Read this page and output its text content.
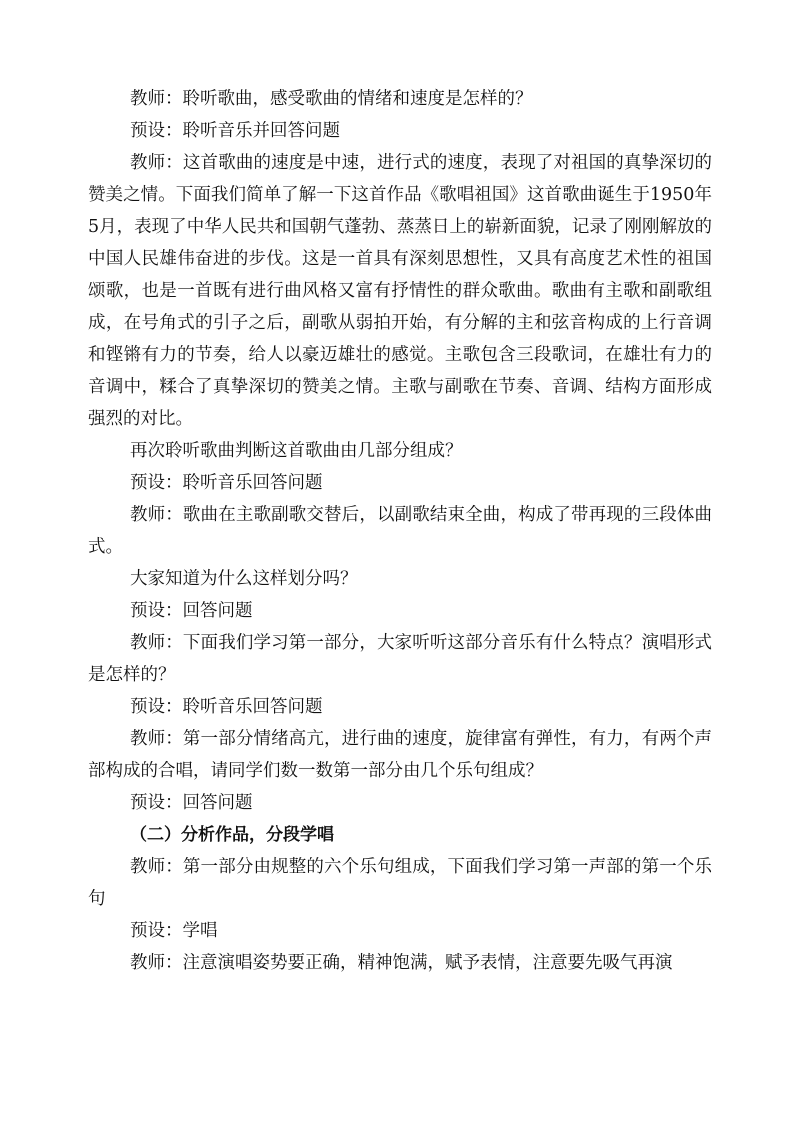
教师：聆听歌曲，感受歌曲的情绪和速度是怎样的？

预设：聆听音乐并回答问题

教师：这首歌曲的速度是中速，进行式的速度，表现了对祖国的真挚深切的赞美之情。下面我们简单了解一下这首作品《歌唱祖国》这首歌曲诞生于1950年5月，表现了中华人民共和国朝气蓬勃、蒸蒸日上的崭新面貌，记录了刚刚解放的中国人民雄伟奋进的步伐。这是一首具有深刻思想性，又具有高度艺术性的祖国颂歌，也是一首既有进行曲风格又富有抒情性的群众歌曲。歌曲有主歌和副歌组成，在号角式的引子之后，副歌从弱拍开始，有分解的主和弦音构成的上行音调和铿锵有力的节奏，给人以豪迈雄壮的感觉。主歌包含三段歌词，在雄壮有力的音调中，糅合了真挚深切的赞美之情。主歌与副歌在节奏、音调、结构方面形成强烈的对比。

再次聆听歌曲判断这首歌曲由几部分组成？

预设：聆听音乐回答问题

教师：歌曲在主歌副歌交替后，以副歌结束全曲，构成了带再现的三段体曲式。

大家知道为什么这样划分吗？

预设：回答问题

教师：下面我们学习第一部分，大家听听这部分音乐有什么特点？演唱形式是怎样的？

预设：聆听音乐回答问题

教师：第一部分情绪高亢，进行曲的速度，旋律富有弹性，有力，有两个声部构成的合唱，请同学们数一数第一部分由几个乐句组成？

预设：回答问题

（二）分析作品，分段学唱

教师：第一部分由规整的六个乐句组成，下面我们学习第一声部的第一个乐句

预设：学唱

教师：注意演唱姿势要正确，精神饱满，赋予表情，注意要先吸气再演
